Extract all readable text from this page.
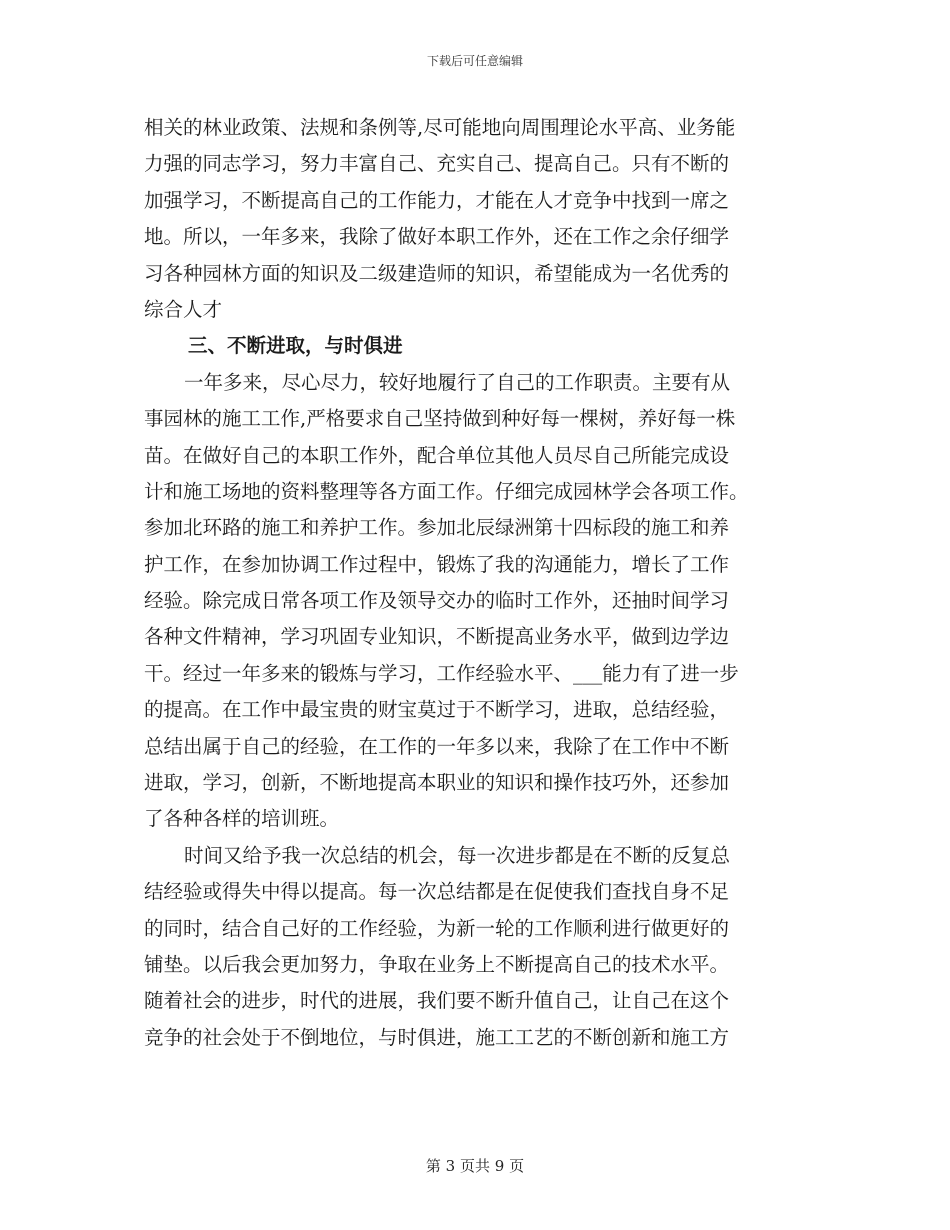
下载后可任意编辑
相关的林业政策、法规和条例等,尽可能地向周围理论水平高、业务能
力强的同志学习，努力丰富自己、充实自己、提高自己。只有不断的
加强学习，不断提高自己的工作能力，才能在人才竞争中找到一席之
地。所以，一年多来，我除了做好本职工作外，还在工作之余仔细学
习各种园林方面的知识及二级建造师的知识，希望能成为一名优秀的
综合人才
三、不断进取，与时俱进
一年多来，尽心尽力，较好地履行了自己的工作职责。主要有从
事园林的施工工作,严格要求自己坚持做到种好每一棵树，养好每一株
苗。在做好自己的本职工作外，配合单位其他人员尽自己所能完成设
计和施工场地的资料整理等各方面工作。仔细完成园林学会各项工作。
参加北环路的施工和养护工作。参加北辰绿洲第十四标段的施工和养
护工作，在参加协调工作过程中，锻炼了我的沟通能力，增长了工作
经验。除完成日常各项工作及领导交办的临时工作外，还抽时间学习
各种文件精神，学习巩固专业知识，不断提高业务水平，做到边学边
干。经过一年多来的锻炼与学习，工作经验水平、___能力有了进一步
的提高。在工作中最宝贵的财宝莫过于不断学习，进取，总结经验，
总结出属于自己的经验，在工作的一年多以来，我除了在工作中不断
进取，学习，创新，不断地提高本职业的知识和操作技巧外，还参加
了各种各样的培训班。
时间又给予我一次总结的机会，每一次进步都是在不断的反复总
结经验或得失中得以提高。每一次总结都是在促使我们查找自身不足
的同时，结合自己好的工作经验，为新一轮的工作顺利进行做更好的
铺垫。以后我会更加努力，争取在业务上不断提高自己的技术水平。
随着社会的进步，时代的进展，我们要不断升值自己，让自己在这个
竞争的社会处于不倒地位，与时俱进，施工工艺的不断创新和施工方
第 3 页共 9 页
